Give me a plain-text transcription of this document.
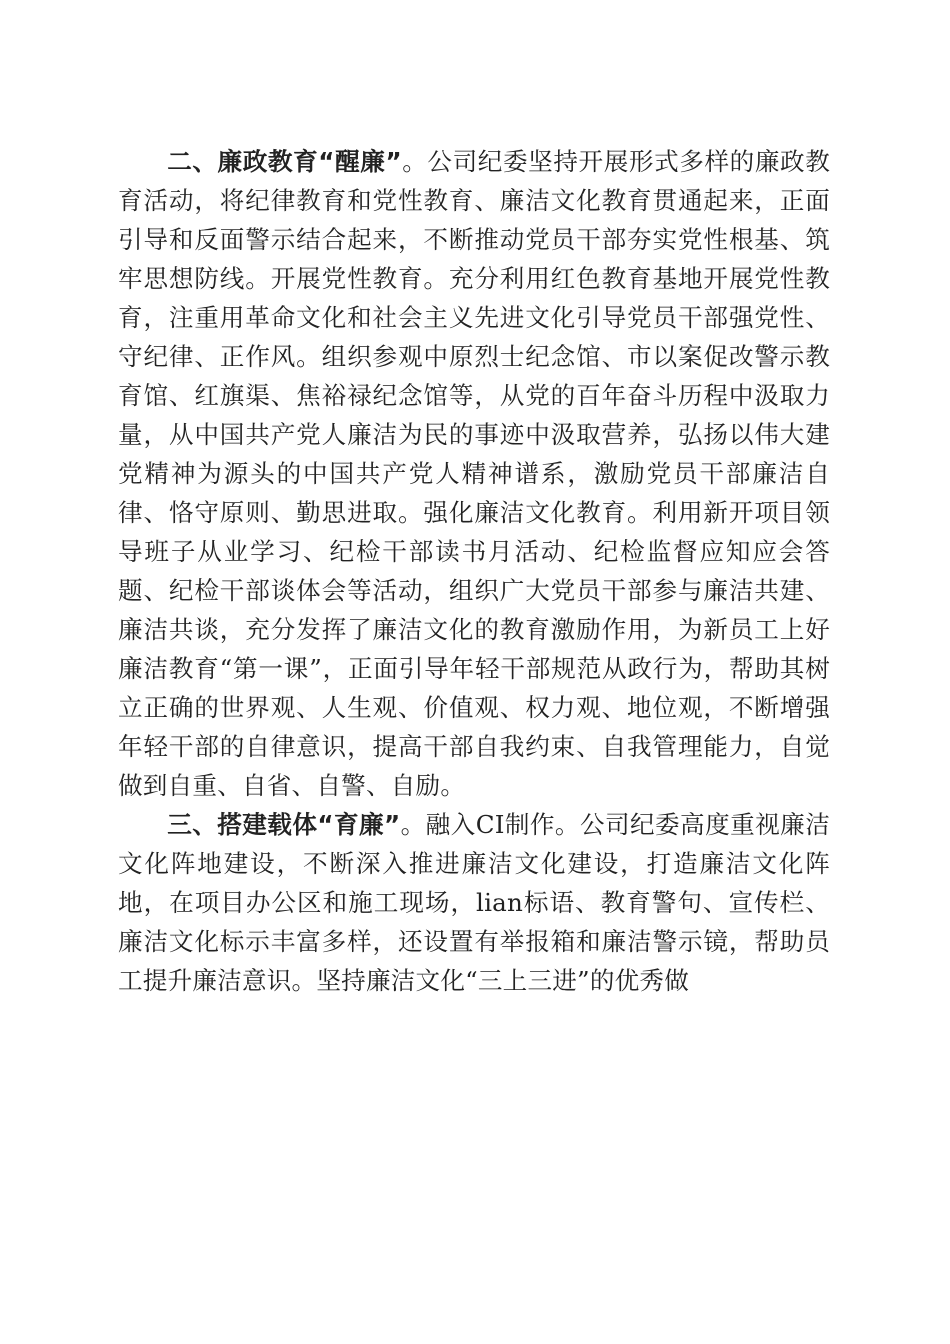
二、廉政教育“醒廉”。公司纪委坚持开展形式多样的廉政教育活动，将纪律教育和党性教育、廉洁文化教育贯通起来，正面引导和反面警示结合起来，不断推动党员干部夯实党性根基、筑牢思想防线。开展党性教育。充分利用红色教育基地开展党性教育，注重用革命文化和社会主义先进文化引导党员干部强党性、守纪律、正作风。组织参观中原烈士纪念馆、市以案促改警示教育馆、红旗渠、焦裕禄纪念馆等，从党的百年奋斗历程中汲取力量，从中国共产党人廉洁为民的事迹中汲取营养，弘扬以伟大建党精神为源头的中国共产党人精神谱系，激励党员干部廉洁自律、恪守原则、勤思进取。强化廉洁文化教育。利用新开项目领导班子从业学习、纪检干部读书月活动、纪检监督应知应会答题、纪检干部谈体会等活动，组织广大党员干部参与廉洁共建、廉洁共谈，充分发挥了廉洁文化的教育激励作用，为新员工上好廉洁教育“第一课”，正面引导年轻干部规范从政行为，帮助其树立正确的世界观、人生观、价值观、权力观、地位观，不断增强年轻干部的自律意识，提高干部自我约束、自我管理能力，自觉做到自重、自省、自警、自励。

三、搭建载体“育廉”。融入CI制作。公司纪委高度重视廉洁文化阵地建设，不断深入推进廉洁文化建设，打造廉洁文化阵地，在项目办公区和施工现场，lian标语、教育警句、宣传栏、廉洁文化标示丰富多样，还设置有举报箱和廉洁警示镜，帮助员工提升廉洁意识。坚持廉洁文化“三上三进”的优秀做
